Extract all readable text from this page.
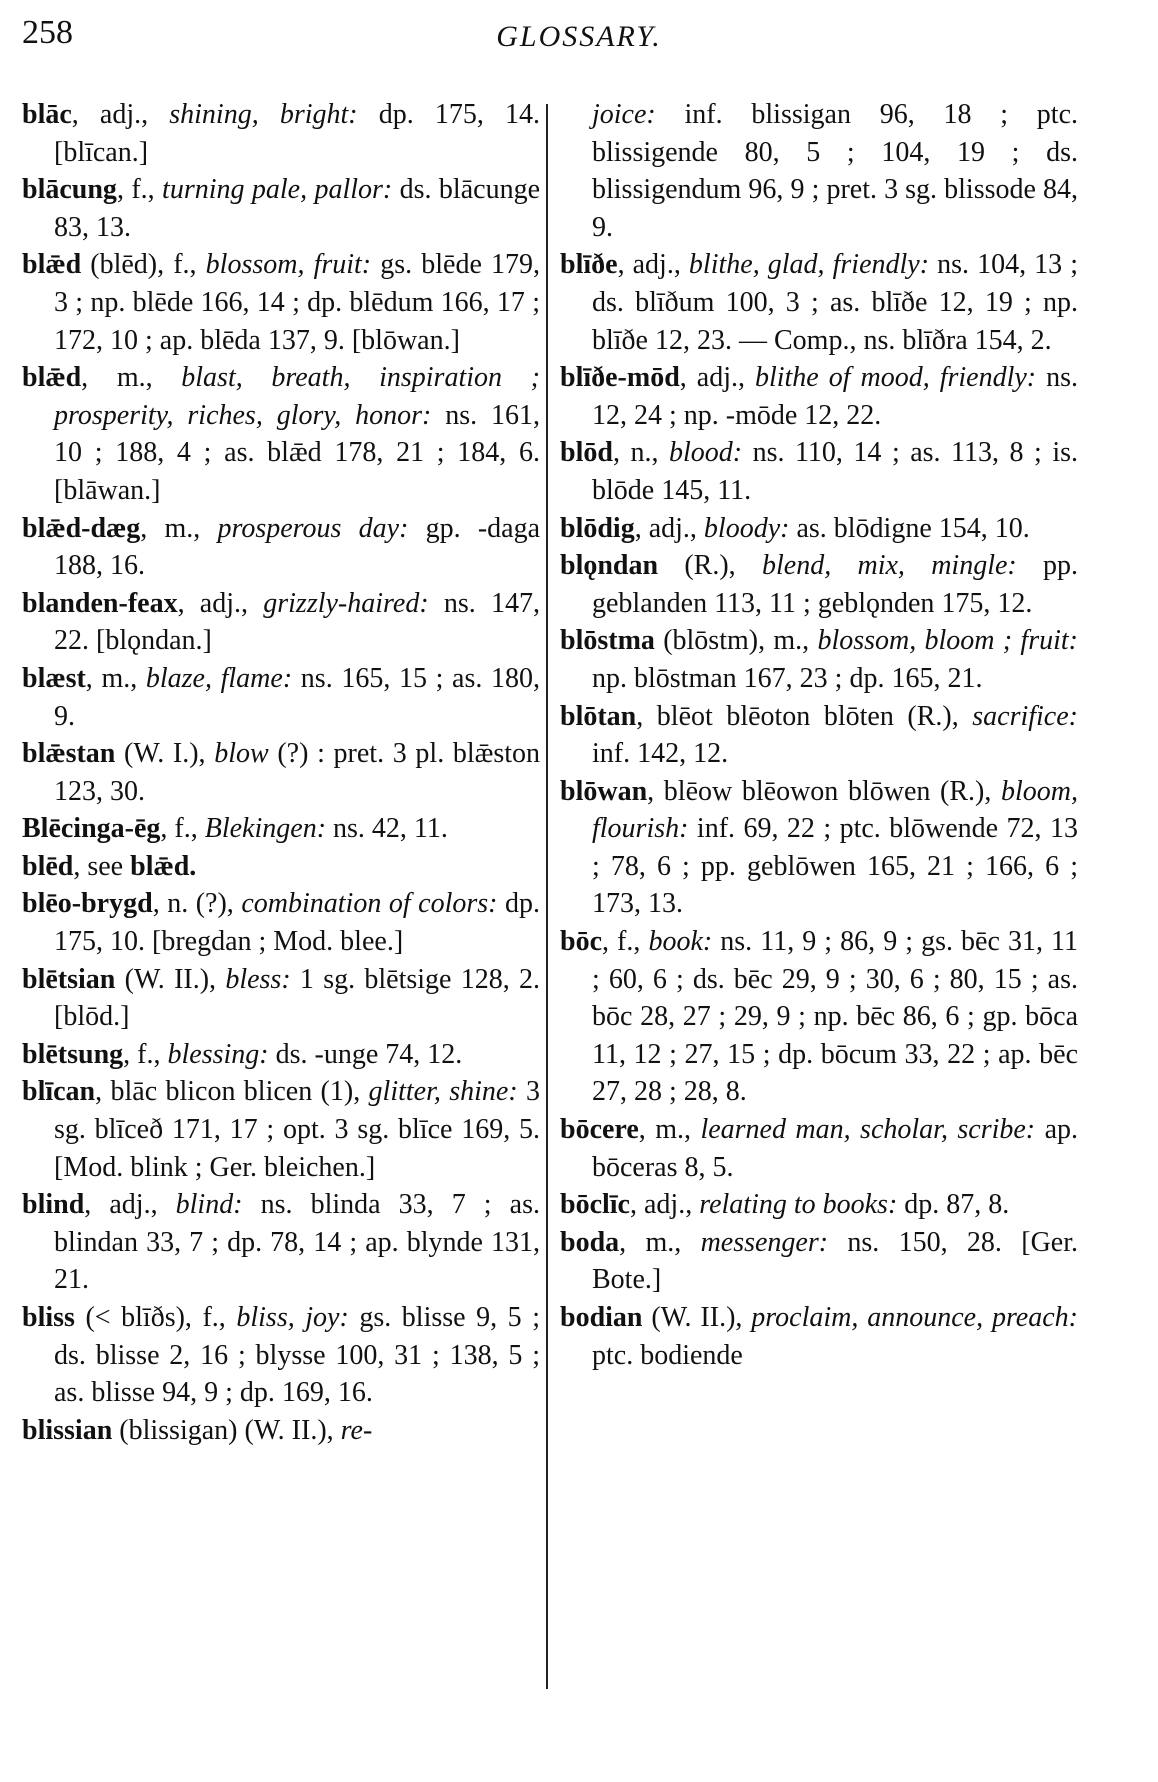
258	GLOSSARY.

blāc, adj., shining, bright: dp. 175, 14. [blīcan.]

blācung, f., turning pale, pallor: ds. blācunge 83, 13.

blǣd (blēd), f., blossom, fruit: gs. blēde 179, 3 ; np. blēde 166, 14 ; dp. blēdum 166, 17 ; 172, 10 ; ap. blēda 137, 9. [blōwan.]

blǣd, m., blast, breath, inspiration ; prosperity, riches, glory, honor: ns. 161, 10 ; 188, 4 ; as. blǣd 178, 21 ; 184, 6. [blāwan.]

blǣd-dæg, m., prosperous day: gp. -daga 188, 16.

blanden-feax, adj., grizzly-haired: ns. 147, 22. [blǫndan.]

blæst, m., blaze, flame: ns. 165, 15 ; as. 180, 9.

blǣstan (W. I.), blow (?) : pret. 3 pl. blǣston 123, 30.

Blēcinga-ēg, f., Blekingen: ns. 42, 11.

blēd, see blǣd.

blēo-brygd, n. (?), combination of colors: dp. 175, 10. [bregdan ; Mod. blee.]

blētsian (W. II.), bless: 1 sg. blētsige 128, 2. [blōd.]

blētsung, f., blessing: ds. -unge 74, 12.

blīcan, blāc blicon blicen (1), glitter, shine: 3 sg. blīceð 171, 17 ; opt. 3 sg. blīce 169, 5. [Mod. blink ; Ger. bleichen.]

blind, adj., blind: ns. blinda 33, 7 ; as. blindan 33, 7 ; dp. 78, 14 ; ap. blynde 131, 21.

bliss (< blīðs), f., bliss, joy: gs. blisse 9, 5 ; ds. blisse 2, 16 ; blysse 100, 31 ; 138, 5 ; as. blisse 94, 9 ; dp. 169, 16.

blissian (blissigan) (W. II.), re-

joice: inf. blissigan 96, 18 ; ptc. blissigende 80, 5 ; 104, 19 ; ds. blissigendum 96, 9 ; pret. 3 sg. blissode 84, 9.

blīðe, adj., blithe, glad, friendly: ns. 104, 13 ; ds. blīðum 100, 3 ; as. blīðe 12, 19 ; np. blīðe 12, 23. — Comp., ns. blīðra 154, 2.

blīðe-mōd, adj., blithe of mood, friendly: ns. 12, 24 ; np. -mōde 12, 22.

blōd, n., blood: ns. 110, 14 ; as. 113, 8 ; is. blōde 145, 11.

blōdig, adj., bloody: as. blōdigne 154, 10.

blǫndan (R.), blend, mix, mingle: pp. geblanden 113, 11 ; geblǫnden 175, 12.

blōstma (blōstm), m., blossom, bloom ; fruit: np. blōstman 167, 23 ; dp. 165, 21.

blōtan, blēot blēoton blōten (R.), sacrifice: inf. 142, 12.

blōwan, blēow blēowon blōwen (R.), bloom, flourish: inf. 69, 22 ; ptc. blōwende 72, 13 ; 78, 6 ; pp. geblōwen 165, 21 ; 166, 6 ; 173, 13.

bōc, f., book: ns. 11, 9 ; 86, 9 ; gs. bēc 31, 11 ; 60, 6 ; ds. bēc 29, 9 ; 30, 6 ; 80, 15 ; as. bōc 28, 27 ; 29, 9 ; np. bēc 86, 6 ; gp. bōca 11, 12 ; 27, 15 ; dp. bōcum 33, 22 ; ap. bēc 27, 28 ; 28, 8.

bōcere, m., learned man, scholar, scribe: ap. bōceras 8, 5.

bōclīc, adj., relating to books: dp. 87, 8.

boda, m., messenger: ns. 150, 28. [Ger. Bote.]

bodian (W. II.), proclaim, announce, preach: ptc. bodiende
